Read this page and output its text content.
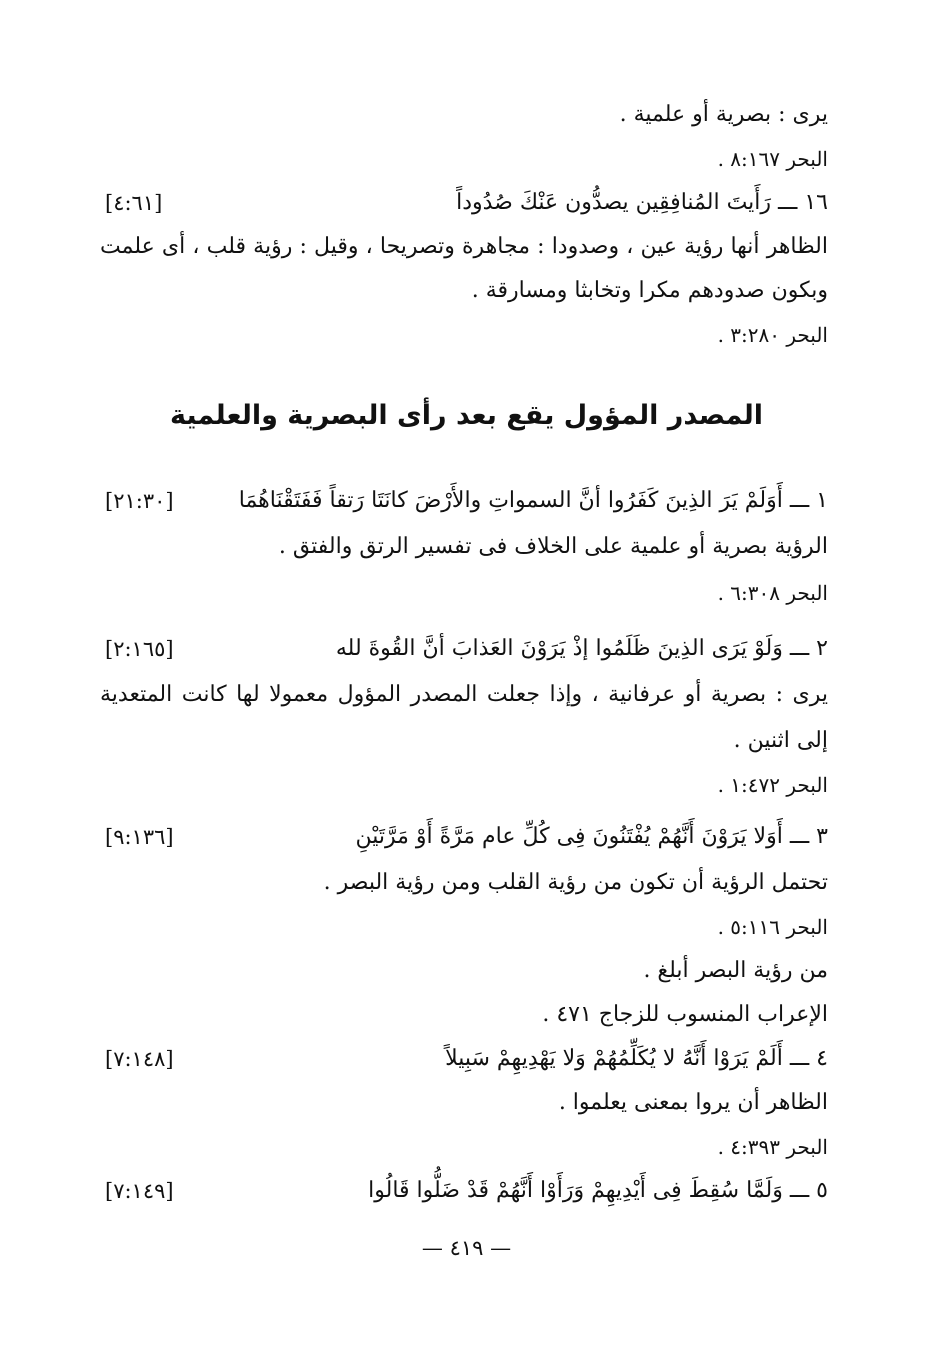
يرى : بصرية أو علمية .
البحر ٨:١٦٧ .
١٦ ـــ رَأَيتَ المُنافِقِين يصدُّون عَنْكَ صُدُوداً
[٤:٦١]
الظاهر أنها رؤية عين ، وصدودا : مجاهرة وتصريحا ، وقيل : رؤية قلب ، أى علمت
وبكون صدودهم مكرا وتخابثا ومسارقة .
البحر ٣:٢٨٠ .
المصدر المؤول يقع بعد رأى البصرية والعلمية
١ ـــ أَوَلَمْ يَرَ الذِينَ كَفَرُوا أنَّ السمواتِ والأَرْضَ كانَتَا رَتقاً فَفَتَقْنَاهُمَا
[٢١:٣٠]
الرؤية بصرية أو علمية على الخلاف فى تفسير الرتق والفتق .
البحر ٦:٣٠٨ .
٢ ـــ وَلَوْ يَرَى الذِينَ ظَلَمُوا إذْ يَرَوْنَ العَذابَ أنَّ القُوةَ لله
[٢:١٦٥]
يرى : بصرية أو عرفانية ، وإذا جعلت المصدر المؤول معمولا لها كانت المتعدية
إلى اثنين .
البحر ١:٤٧٢ .
٣ ـــ أَوَلا يَرَوْنَ أَنَّهُمْ يُفْتَنُونَ فِى كُلِّ عام مَرَّةً أَوْ مَرَّتَيْنِ
[٩:١٣٦]
تحتمل الرؤية أن تكون من رؤية القلب ومن رؤية البصر .
البحر ٥:١١٦ .
من رؤية البصر أبلغ .
الإعراب المنسوب للزجاج ٤٧١ .
٤ ـــ أَلَمْ يَرَوْا أَنَّهُ لا يُكَلِّمُهُمْ وَلا يَهْدِيهِمْ سَبِيلاً
[٧:١٤٨]
الظاهر أن يروا بمعنى يعلموا .
البحر ٤:٣٩٣ .
٥ ـــ وَلَمَّا سُقِطَ فِى أَيْدِيهِمْ وَرَأَوْا أَنَّهُمْ قَدْ ضَلُّوا قَالُوا
[٧:١٤٩]
— ٤١٩ —
